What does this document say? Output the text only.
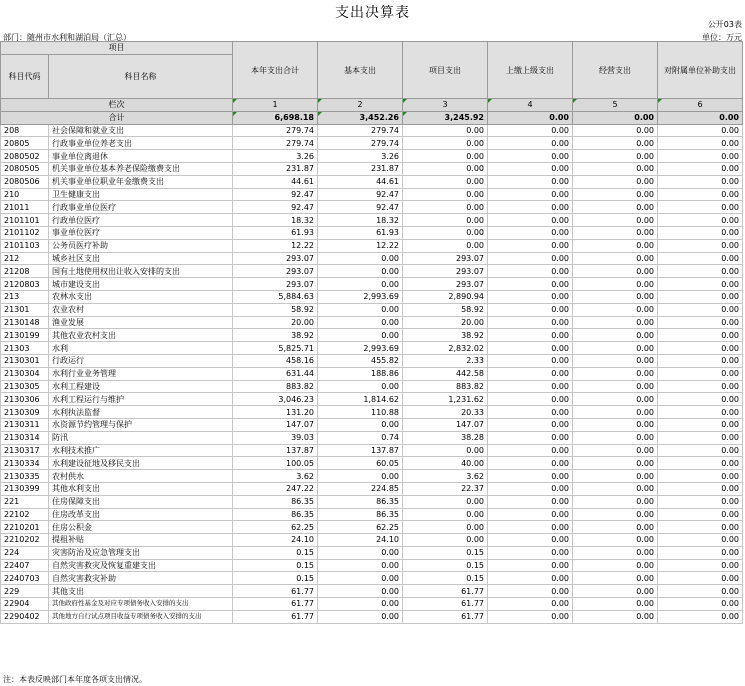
支出决算表
公开03表
部门：随州市水利和湖泊局（汇总）	单位：万元
项目		本年支出合计	基本支出	项目支出	上缴上级支出	经营支出	对附属单位补助支出
科目代码	科目名称						
栏次		1	2	3	4	5	6
合计		6,698.18	3,452.26	3,245.92	0.00	0.00	0.00
208	社会保障和就业支出	279.74	279.74	0.00	0.00	0.00	0.00
20805	行政事业单位养老支出	279.74	279.74	0.00	0.00	0.00	0.00
2080502	事业单位离退休	3.26	3.26	0.00	0.00	0.00	0.00
2080505	机关事业单位基本养老保险缴费支出	231.87	231.87	0.00	0.00	0.00	0.00
2080506	机关事业单位职业年金缴费支出	44.61	44.61	0.00	0.00	0.00	0.00
210	卫生健康支出	92.47	92.47	0.00	0.00	0.00	0.00
21011	行政事业单位医疗	92.47	92.47	0.00	0.00	0.00	0.00
2101101	行政单位医疗	18.32	18.32	0.00	0.00	0.00	0.00
2101102	事业单位医疗	61.93	61.93	0.00	0.00	0.00	0.00
2101103	公务员医疗补助	12.22	12.22	0.00	0.00	0.00	0.00
212	城乡社区支出	293.07	0.00	293.07	0.00	0.00	0.00
21208	国有土地使用权出让收入安排的支出	293.07	0.00	293.07	0.00	0.00	0.00
2120803	城市建设支出	293.07	0.00	293.07	0.00	0.00	0.00
213	农林水支出	5,884.63	2,993.69	2,890.94	0.00	0.00	0.00
21301	农业农村	58.92	0.00	58.92	0.00	0.00	0.00
2130148	渔业发展	20.00	0.00	20.00	0.00	0.00	0.00
2130199	其他农业农村支出	38.92	0.00	38.92	0.00	0.00	0.00
21303	水利	5,825.71	2,993.69	2,832.02	0.00	0.00	0.00
2130301	行政运行	458.16	455.82	2.33	0.00	0.00	0.00
2130304	水利行业业务管理	631.44	188.86	442.58	0.00	0.00	0.00
2130305	水利工程建设	883.82	0.00	883.82	0.00	0.00	0.00
2130306	水利工程运行与维护	3,046.23	1,814.62	1,231.62	0.00	0.00	0.00
2130309	水利执法监督	131.20	110.88	20.33	0.00	0.00	0.00
2130311	水资源节约管理与保护	147.07	0.00	147.07	0.00	0.00	0.00
2130314	防汛	39.03	0.74	38.28	0.00	0.00	0.00
2130317	水利技术推广	137.87	137.87	0.00	0.00	0.00	0.00
2130334	水利建设征地及移民支出	100.05	60.05	40.00	0.00	0.00	0.00
2130335	农村供水	3.62	0.00	3.62	0.00	0.00	0.00
2130399	其他水利支出	247.22	224.85	22.37	0.00	0.00	0.00
221	住房保障支出	86.35	86.35	0.00	0.00	0.00	0.00
22102	住房改革支出	86.35	86.35	0.00	0.00	0.00	0.00
2210201	住房公积金	62.25	62.25	0.00	0.00	0.00	0.00
2210202	提租补贴	24.10	24.10	0.00	0.00	0.00	0.00
224	灾害防治及应急管理支出	0.15	0.00	0.15	0.00	0.00	0.00
22407	自然灾害救灾及恢复重建支出	0.15	0.00	0.15	0.00	0.00	0.00
2240703	自然灾害救灾补助	0.15	0.00	0.15	0.00	0.00	0.00
229	其他支出	61.77	0.00	61.77	0.00	0.00	0.00
22904	其他政府性基金及对应专项债务收入安排的支出	61.77	0.00	61.77	0.00	0.00	0.00
2290402	其他地方自行试点项目收益专项债务收入安排的支出	61.77	0.00	61.77	0.00	0.00	0.00
注：本表反映部门本年度各项支出情况。
